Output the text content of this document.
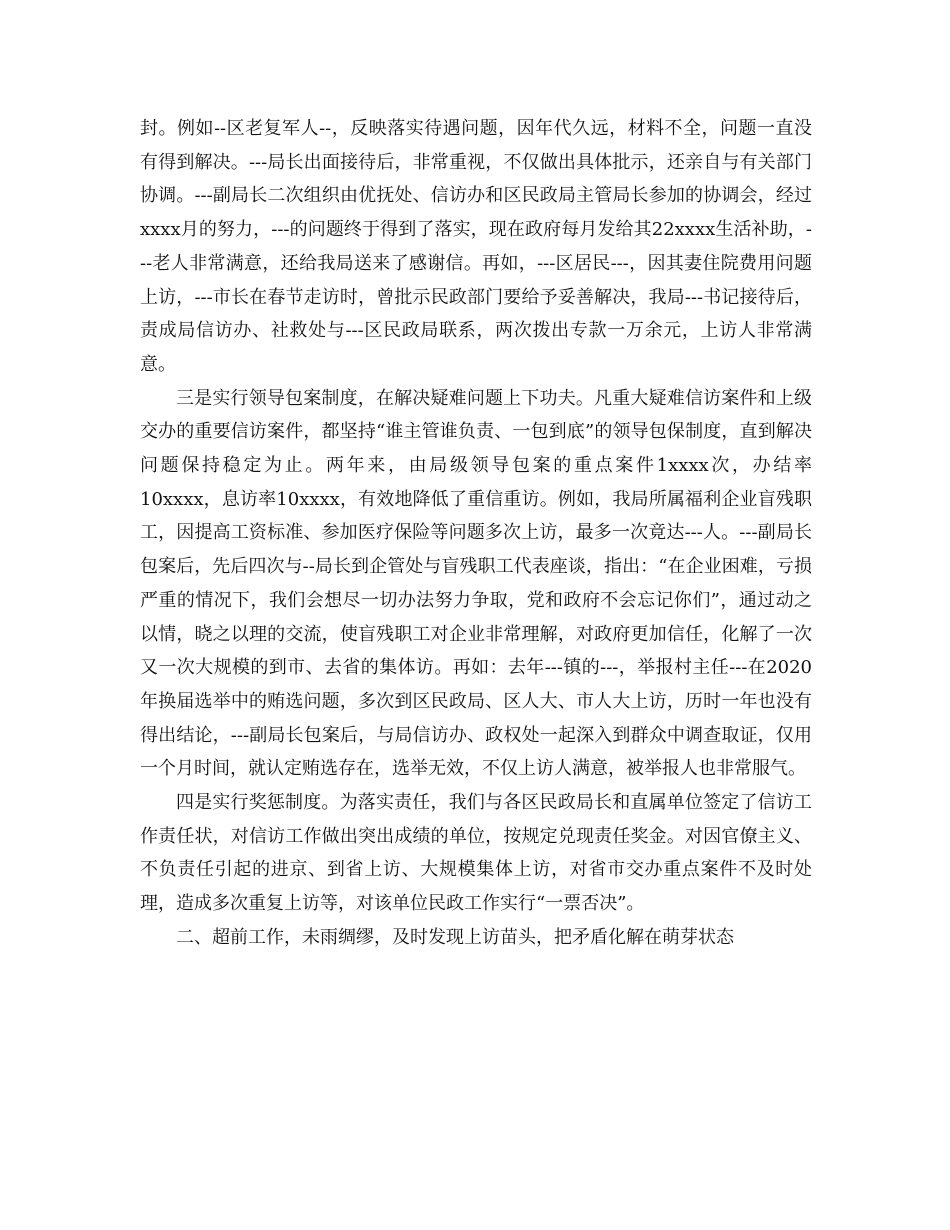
封。例如--区老复军人--，反映落实待遇问题，因年代久远，材料不全，问题一直没有得到解决。---局长出面接待后，非常重视，不仅做出具体批示，还亲自与有关部门协调。---副局长二次组织由优抚处、信访办和区民政局主管局长参加的协调会，经过xxxx月的努力，---的问题终于得到了落实，现在政府每月发给其22xxxx生活补助，---老人非常满意，还给我局送来了感谢信。再如，---区居民---，因其妻住院费用问题上访，---市长在春节走访时，曾批示民政部门要给予妥善解决，我局---书记接待后，责成局信访办、社救处与---区民政局联系，两次拨出专款一万余元，上访人非常满意。

三是实行领导包案制度，在解决疑难问题上下功夫。凡重大疑难信访案件和上级交办的重要信访案件，都坚持“谁主管谁负责、一包到底”的领导包保制度，直到解决问题保持稳定为止。两年来，由局级领导包案的重点案件1xxxx次，办结率10xxxx，息访率10xxxx，有效地降低了重信重访。例如，我局所属福利企业盲残职工，因提高工资标准、参加医疗保险等问题多次上访，最多一次竟达---人。---副局长包案后，先后四次与--局长到企管处与盲残职工代表座谈，指出：“在企业困难，亏损严重的情况下，我们会想尽一切办法努力争取，党和政府不会忘记你们”，通过动之以情，晓之以理的交流，使盲残职工对企业非常理解，对政府更加信任，化解了一次又一次大规模的到市、去省的集体访。再如：去年---镇的---，举报村主任---在2020年换届选举中的贿选问题，多次到区民政局、区人大、市人大上访，历时一年也没有得出结论，---副局长包案后，与局信访办、政权处一起深入到群众中调查取证，仅用一个月时间，就认定贿选存在，选举无效，不仅上访人满意，被举报人也非常服气。

四是实行奖惩制度。为落实责任，我们与各区民政局长和直属单位签定了信访工作责任状，对信访工作做出突出成绩的单位，按规定兑现责任奖金。对因官僚主义、不负责任引起的进京、到省上访、大规模集体上访，对省市交办重点案件不及时处理，造成多次重复上访等，对该单位民政工作实行“一票否决”。

二、超前工作，未雨绸缪，及时发现上访苗头，把矛盾化解在萌芽状态
